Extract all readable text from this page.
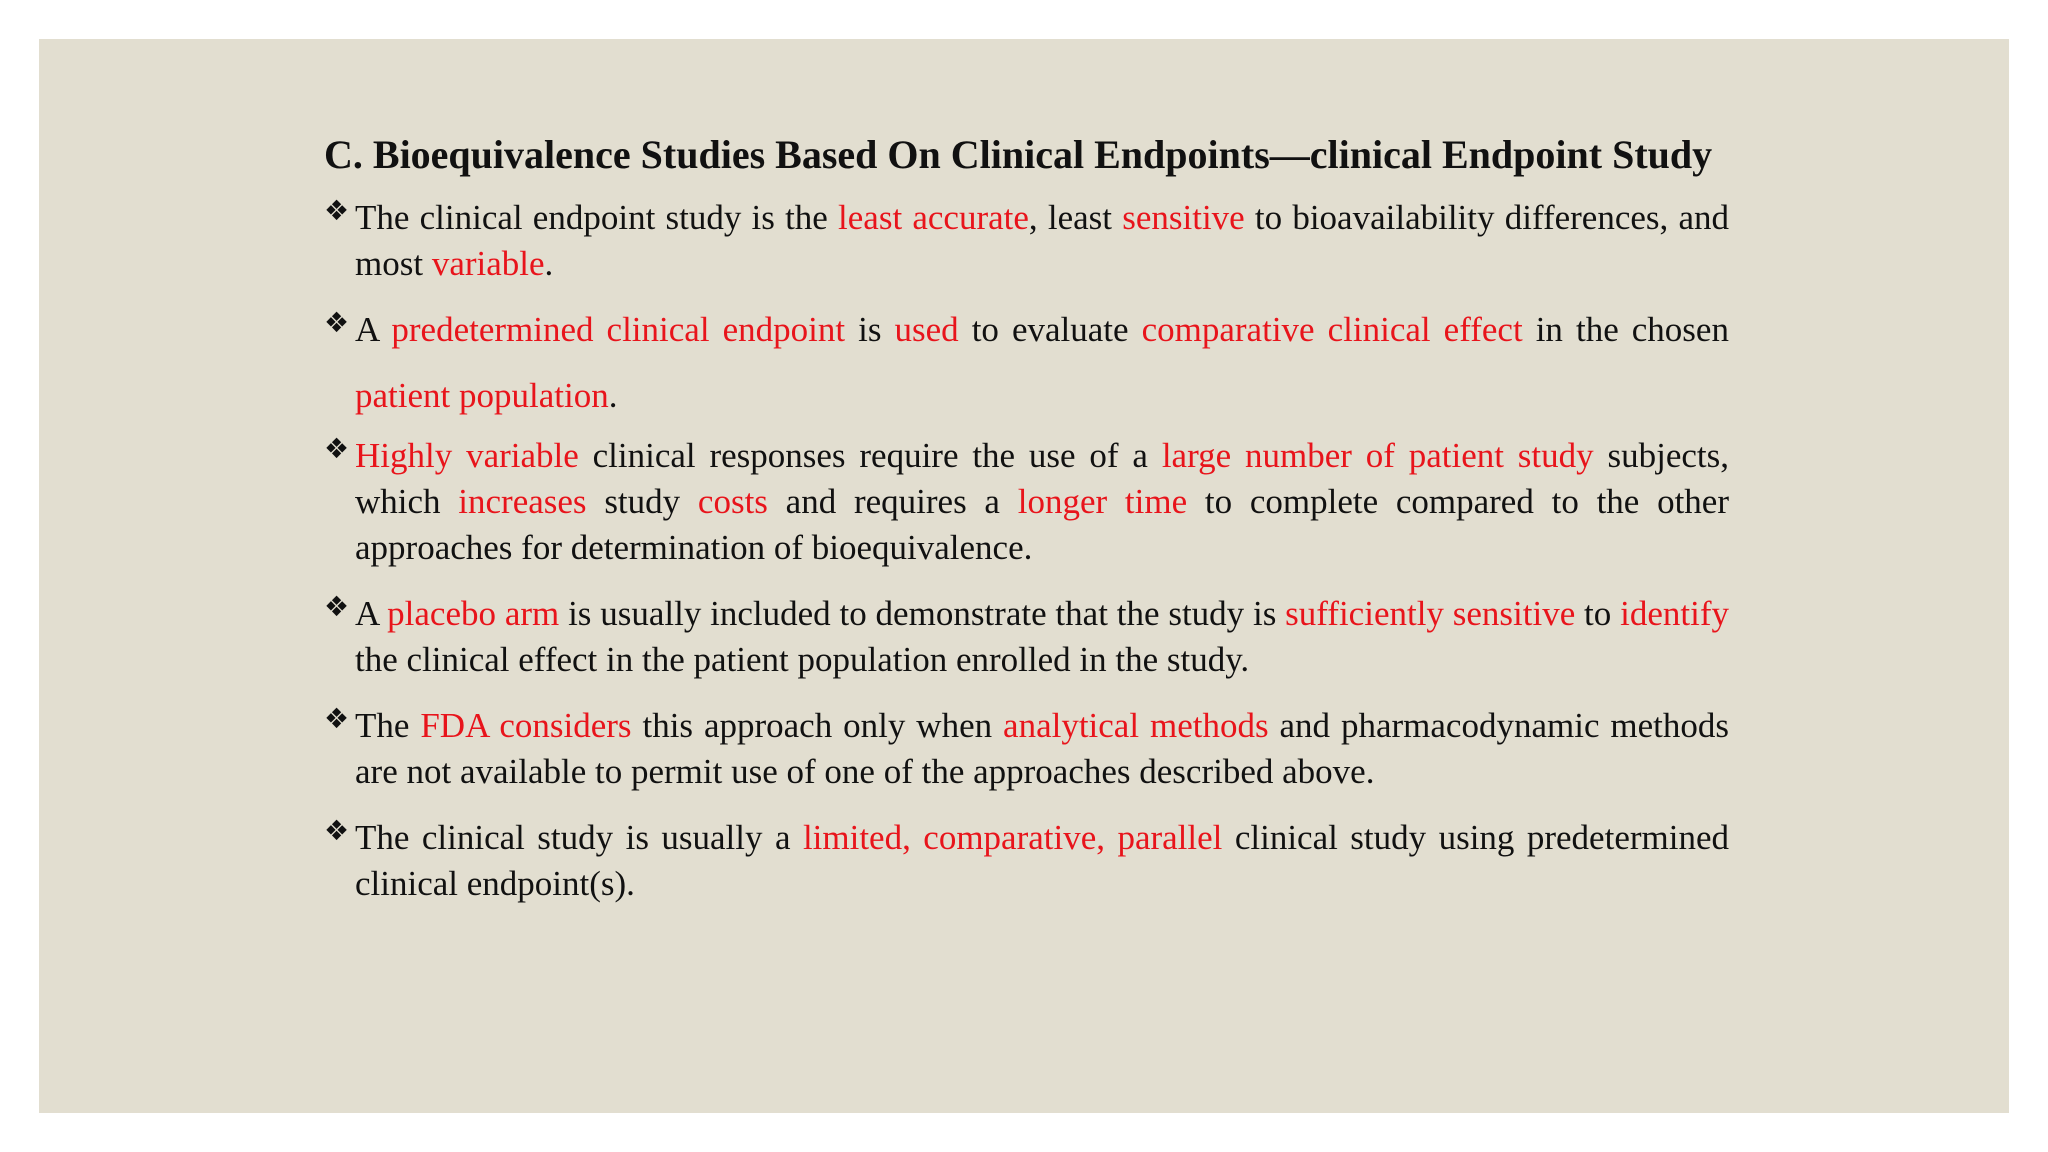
C. Bioequivalence Studies Based On Clinical Endpoints—clinical Endpoint Study
❖ The clinical endpoint study is the least accurate, least sensitive to bioavailability differences, and most variable.
❖ A predetermined clinical endpoint is used to evaluate comparative clinical effect in the chosen patient population.
❖ Highly variable clinical responses require the use of a large number of patient study subjects, which increases study costs and requires a longer time to complete compared to the other approaches for determination of bioequivalence.
❖ A placebo arm is usually included to demonstrate that the study is sufficiently sensitive to identify the clinical effect in the patient population enrolled in the study.
❖ The FDA considers this approach only when analytical methods and pharmacodynamic methods are not available to permit use of one of the approaches described above.
❖ The clinical study is usually a limited, comparative, parallel clinical study using predetermined clinical endpoint(s).
